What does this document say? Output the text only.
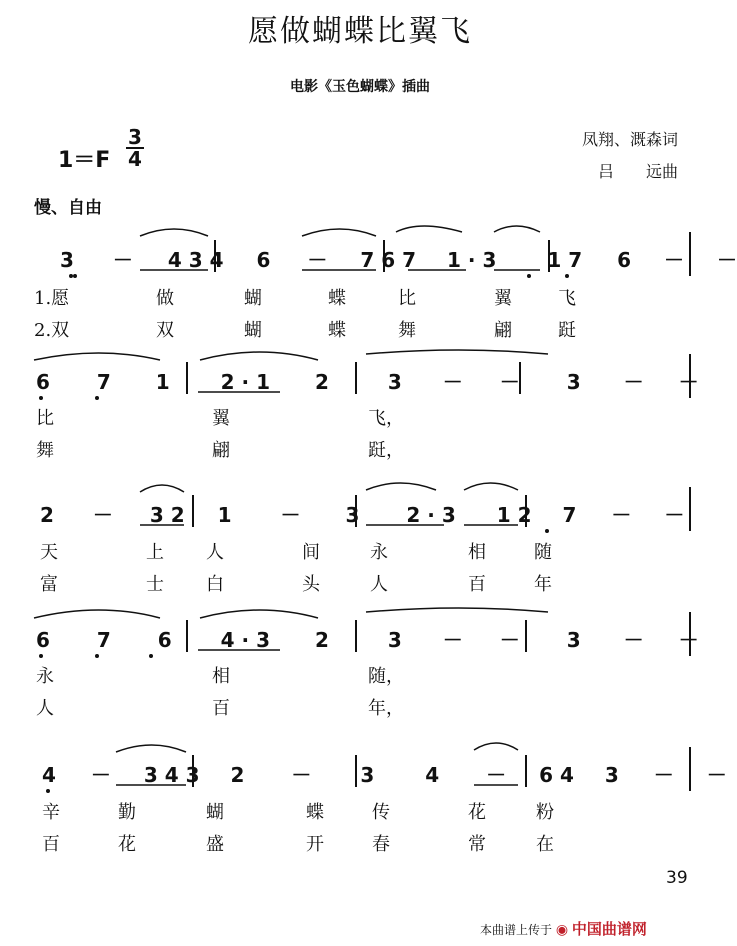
愿做蝴蝶比翼飞
电影《玉色蝴蝶》插曲
$1=F \frac{3}{4}$	凤翔、溉森词
吕　　远曲
慢、自由
3 － 4 3 4 6 － 7 6 7 1 · 3	1 7 6 － －
1.愿	做	蝴	蝶	比	翼	飞
2.双	双	蝴	蝶	舞	翩	跹
6 7 1	2 · 1 2	3 － － 3 － －
比	翼	飞，
舞	翩	跹，
2 － 3 2 1 － 3 2 · 3 1 2 7 － －
天	上 人	间	永	相	随
富	士 白	头	人	百	年
6 7 6 4 · 3 2	3 － － 3 － －
永	相	随，
人	百	年，
4 － 3 4 3 2 － 3	4 － 6 4 3 － －
辛	勤	蝴	蝶	传	花	粉
百	花	盛	开	春	常	在
39
本曲谱上传于 ◉ 中国曲谱网
